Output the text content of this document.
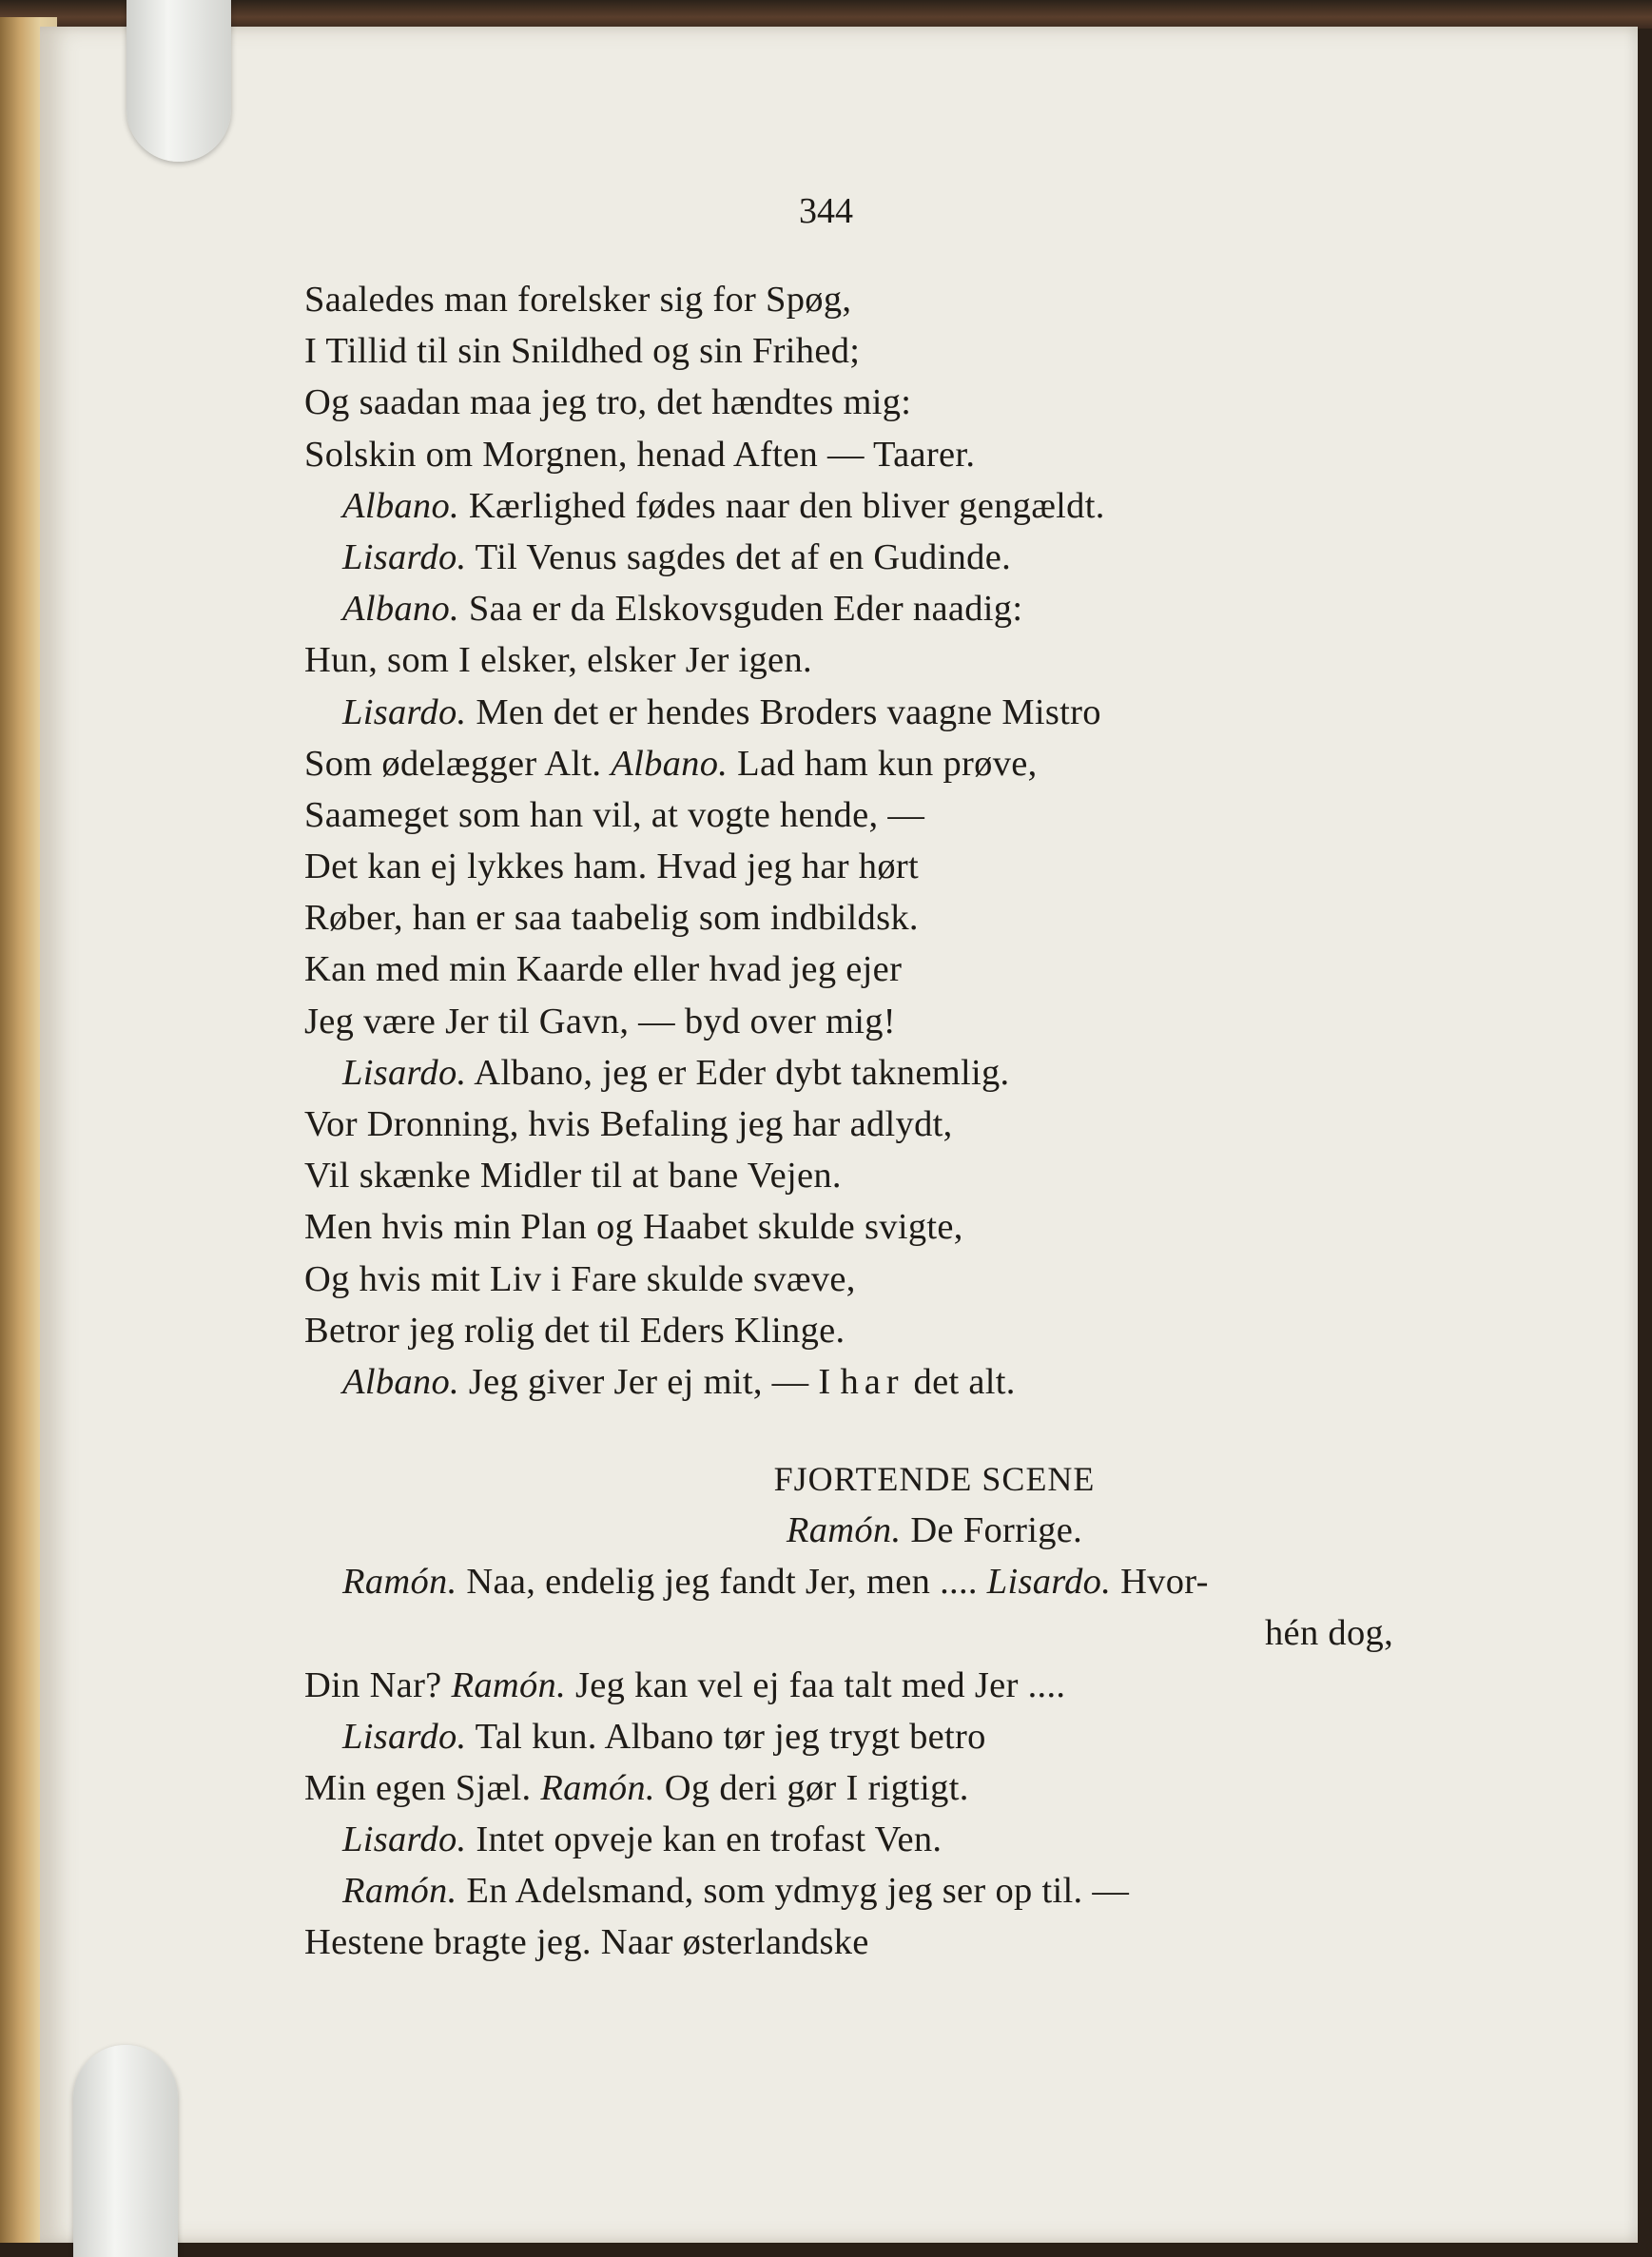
344
Saaledes man forelsker sig for Spøg,
I Tillid til sin Snildhed og sin Frihed;
Og saadan maa jeg tro, det hændtes mig:
Solskin om Morgnen, henad Aften — Taarer.
Albano. Kærlighed fødes naar den bliver gengældt.
Lisardo. Til Venus sagdes det af en Gudinde.
Albano. Saa er da Elskovsguden Eder naadig:
Hun, som I elsker, elsker Jer igen.
Lisardo. Men det er hendes Broders vaagne Mistro
Som ødelægger Alt. Albano. Lad ham kun prøve,
Saameget som han vil, at vogte hende, —
Det kan ej lykkes ham. Hvad jeg har hørt
Røber, han er saa taabelig som indbildsk.
Kan med min Kaarde eller hvad jeg ejer
Jeg være Jer til Gavn, — byd over mig!
Lisardo. Albano, jeg er Eder dybt taknemlig.
Vor Dronning, hvis Befaling jeg har adlydt,
Vil skænke Midler til at bane Vejen.
Men hvis min Plan og Haabet skulde svigte,
Og hvis mit Liv i Fare skulde svæve,
Betror jeg rolig det til Eders Klinge.
Albano. Jeg giver Jer ej mit, — I har det alt.
FJORTENDE SCENE
Ramón. De Forrige.
Ramón. Naa, endelig jeg fandt Jer, men .... Lisardo. Hvor-
hén dog,
Din Nar? Ramón. Jeg kan vel ej faa talt med Jer ....
Lisardo. Tal kun. Albano tør jeg trygt betro
Min egen Sjæl. Ramón. Og deri gør I rigtigt.
Lisardo. Intet opveje kan en trofast Ven.
Ramón. En Adelsmand, som ydmyg jeg ser op til. —
Hestene bragte jeg. Naar østerlandske
